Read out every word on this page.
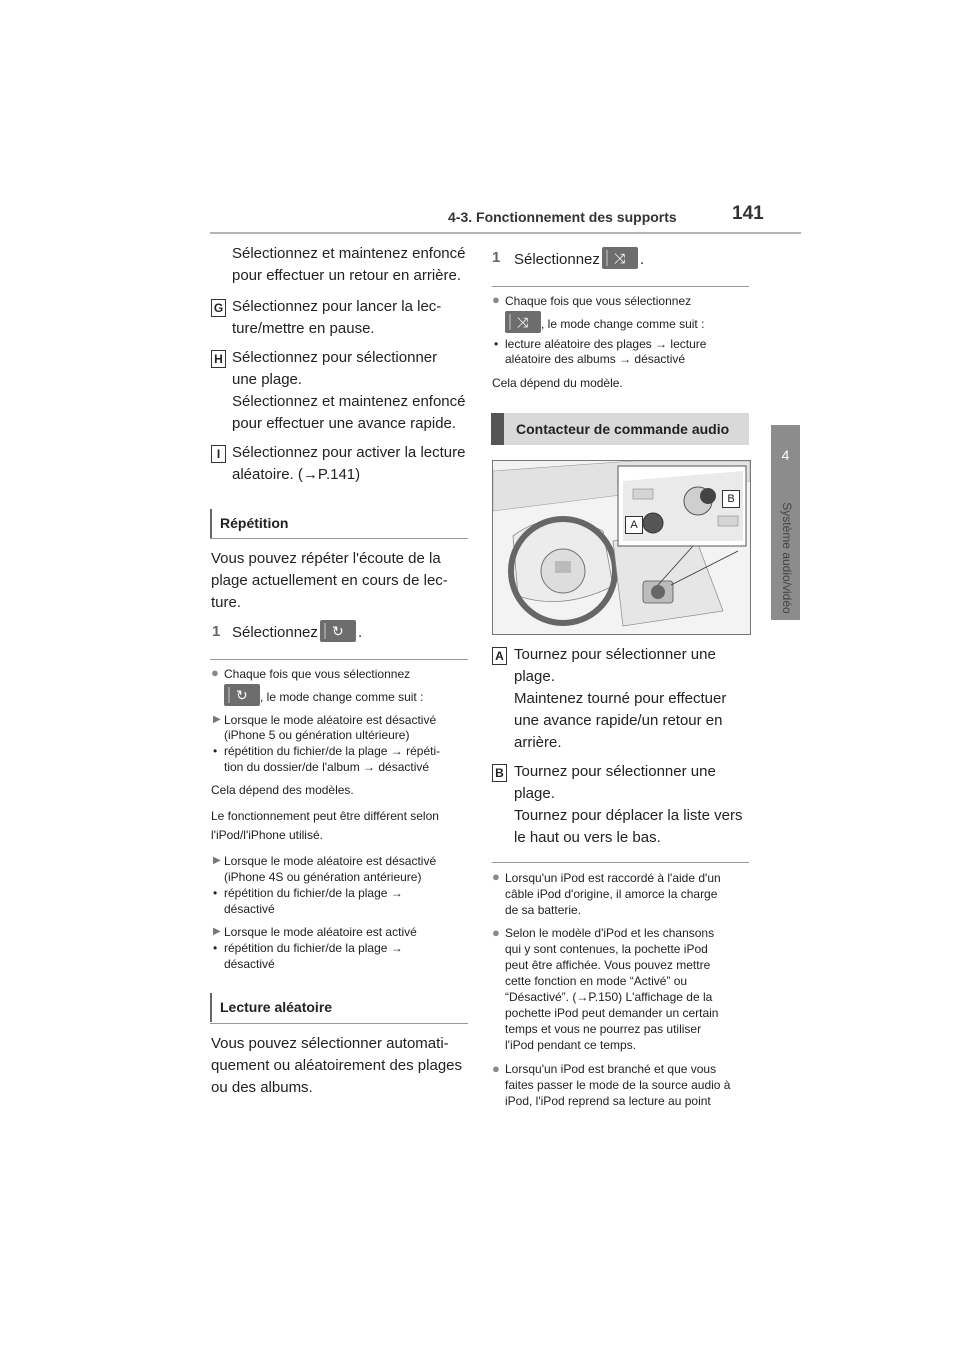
4-3. Fonctionnement des supports	141
4
Système audio/vidéo
Sélectionnez et maintenez enfoncé
pour effectuer un retour en arrière.
G Sélectionnez pour lancer la lec-
ture/mettre en pause.
H Sélectionnez pour sélectionner
une plage.
Sélectionnez et maintenez enfoncé
pour effectuer une avance rapide.
I Sélectionnez pour activer la lecture
aléatoire. (→P.141)
Répétition
Vous pouvez répéter l'écoute de la
plage actuellement en cours de lec-
ture.
1 Sélectionnez ↻ .
● Chaque fois que vous sélectionnez
↻ , le mode change comme suit :
▶ Lorsque le mode aléatoire est désactivé
(iPhone 5 ou génération ultérieure)
• répétition du fichier/de la plage → répéti-
tion du dossier/de l'album → désactivé
Cela dépend des modèles.
Le fonctionnement peut être différent selon
l'iPod/l'iPhone utilisé.
▶ Lorsque le mode aléatoire est désactivé
(iPhone 4S ou génération antérieure)
• répétition du fichier/de la plage →
désactivé
▶ Lorsque le mode aléatoire est activé
• répétition du fichier/de la plage →
désactivé
Lecture aléatoire
Vous pouvez sélectionner automati-
quement ou aléatoirement des plages
ou des albums.
1 Sélectionnez ⤨ .
● Chaque fois que vous sélectionnez
⤨ , le mode change comme suit :
• lecture aléatoire des plages → lecture
aléatoire des albums → désactivé
Cela dépend du modèle.
Contacteur de commande audio
B
A
A Tournez pour sélectionner une
plage.
Maintenez tourné pour effectuer
une avance rapide/un retour en
arrière.
B Tournez pour sélectionner une
plage.
Tournez pour déplacer la liste vers
le haut ou vers le bas.
● Lorsqu'un iPod est raccordé à l'aide d'un
câble iPod d'origine, il amorce la charge
de sa batterie.
● Selon le modèle d'iPod et les chansons
qui y sont contenues, la pochette iPod
peut être affichée. Vous pouvez mettre
cette fonction en mode “Activé” ou
“Désactivé”. (→P.150) L'affichage de la
pochette iPod peut demander un certain
temps et vous ne pourrez pas utiliser
l'iPod pendant ce temps.
● Lorsqu'un iPod est branché et que vous
faites passer le mode de la source audio à
iPod, l'iPod reprend sa lecture au point
